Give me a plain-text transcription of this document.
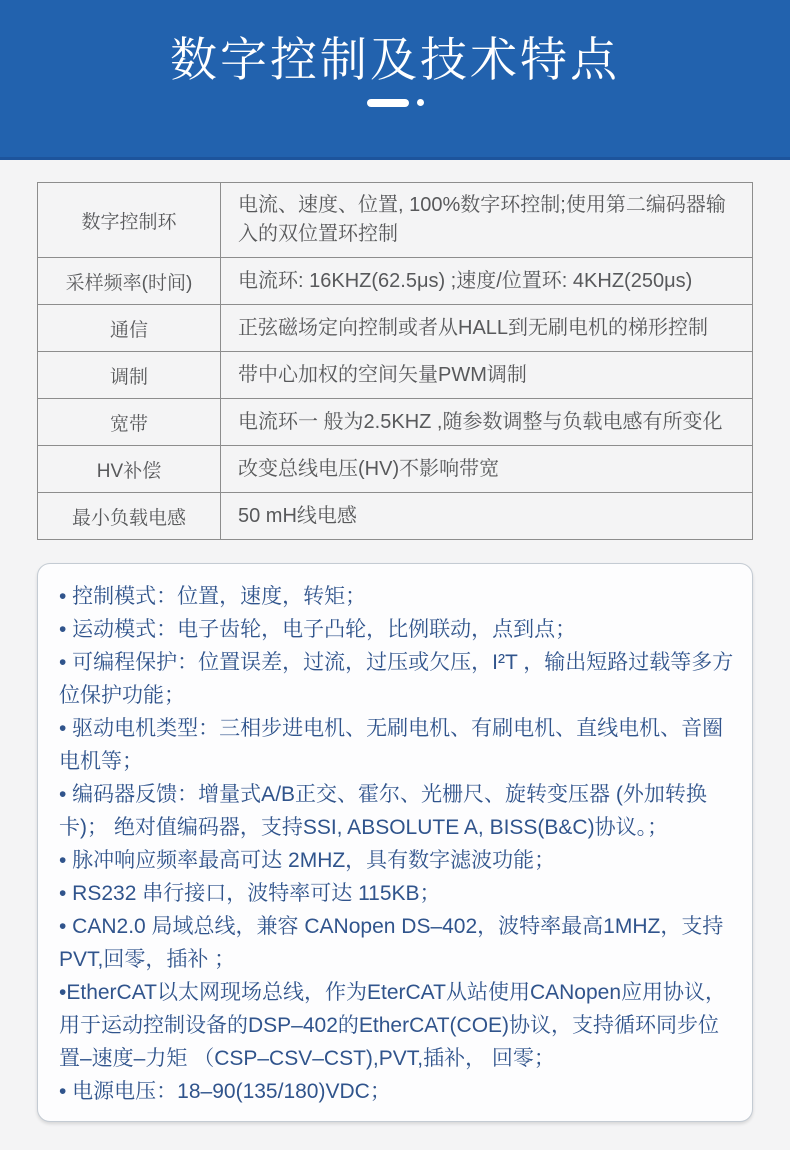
数字控制及技术特点
数字控制环	电流、速度、位置, 100%数字环控制;使用第二编码器输入的双位置环控制
采样频率(时间)	电流环: 16KHZ(62.5μs) ;速度/位置环: 4KHZ(250μs)
通信	正弦磁场定向控制或者从HALL到无刷电机的梯形控制
调制	带中心加权的空间矢量PWM调制
宽带	电流环一 般为2.5KHZ ,随参数调整与负载电感有所变化
HV补偿	改变总线电压(HV)不影响带宽
最小负载电感	50 mH线电感

• 控制模式：位置，速度，转矩；

• 运动模式：电子齿轮，电子凸轮，比例联动，点到点；

• 可编程保护：位置误差，过流，过压或欠压，I²T ，输出短路过载等多方位保护功能；

• 驱动电机类型：三相步进电机、无刷电机、有刷电机、直线电机、音圈电机等；

• 编码器反馈：增量式A/B正交、霍尔、光栅尺、旋转变压器 (外加转换卡)； 绝对值编码器，支持SSI, ABSOLUTE A, BISS(B&C)协议。；

• 脉冲响应频率最高可达 2MHZ，具有数字滤波功能；

• RS232 串行接口，波特率可达 115KB；

• CAN2.0 局域总线，兼容 CANopen DS–402，波特率最高1MHZ，支持PVT,回零，插补 ；

•EtherCAT以太网现场总线，作为EterCAT从站使用CANopen应用协议，用于运动控制设备的DSP–402的EtherCAT(COE)协议，支持循环同步位置–速度–力矩 （CSP–CSV–CST),PVT,插补， 回零；

• 电源电压：18–90(135/180)VDC；
